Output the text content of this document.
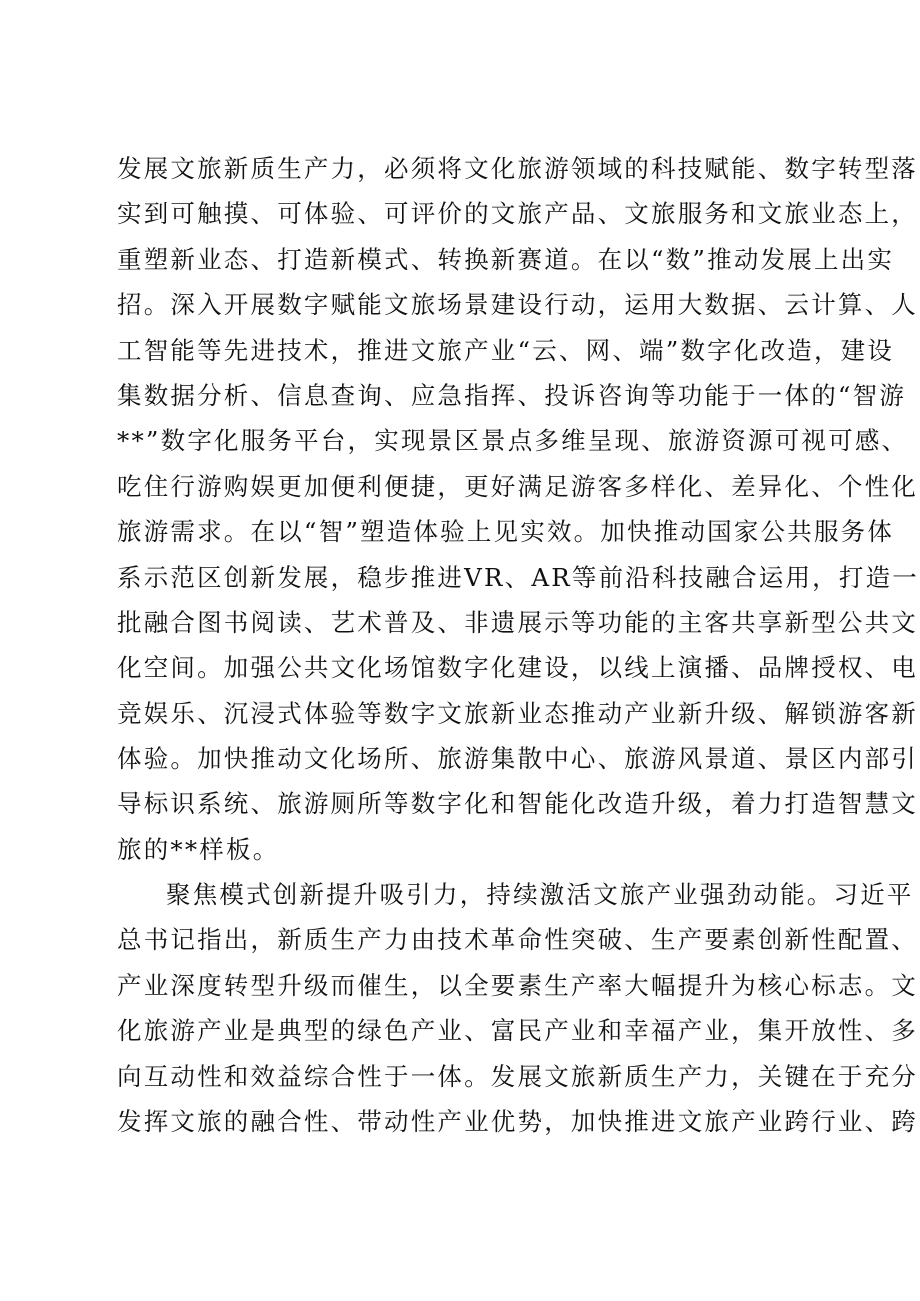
发展文旅新质生产力，必须将文化旅游领域的科技赋能、数字转型落
实到可触摸、可体验、可评价的文旅产品、文旅服务和文旅业态上，
重塑新业态、打造新模式、转换新赛道。在以“数”推动发展上出实
招。深入开展数字赋能文旅场景建设行动，运用大数据、云计算、人
工智能等先进技术，推进文旅产业“云、网、端”数字化改造，建设
集数据分析、信息查询、应急指挥、投诉咨询等功能于一体的“智游
**”数字化服务平台，实现景区景点多维呈现、旅游资源可视可感、
吃住行游购娱更加便利便捷，更好满足游客多样化、差异化、个性化
旅游需求。在以“智”塑造体验上见实效。加快推动国家公共服务体
系示范区创新发展，稳步推进VR、AR等前沿科技融合运用，打造一
批融合图书阅读、艺术普及、非遗展示等功能的主客共享新型公共文
化空间。加强公共文化场馆数字化建设，以线上演播、品牌授权、电
竞娱乐、沉浸式体验等数字文旅新业态推动产业新升级、解锁游客新
体验。加快推动文化场所、旅游集散中心、旅游风景道、景区内部引
导标识系统、旅游厕所等数字化和智能化改造升级，着力打造智慧文
旅的**样板。
聚焦模式创新提升吸引力，持续激活文旅产业强劲动能。习近平
总书记指出，新质生产力由技术革命性突破、生产要素创新性配置、
产业深度转型升级而催生，以全要素生产率大幅提升为核心标志。文
化旅游产业是典型的绿色产业、富民产业和幸福产业，集开放性、多
向互动性和效益综合性于一体。发展文旅新质生产力，关键在于充分
发挥文旅的融合性、带动性产业优势，加快推进文旅产业跨行业、跨
